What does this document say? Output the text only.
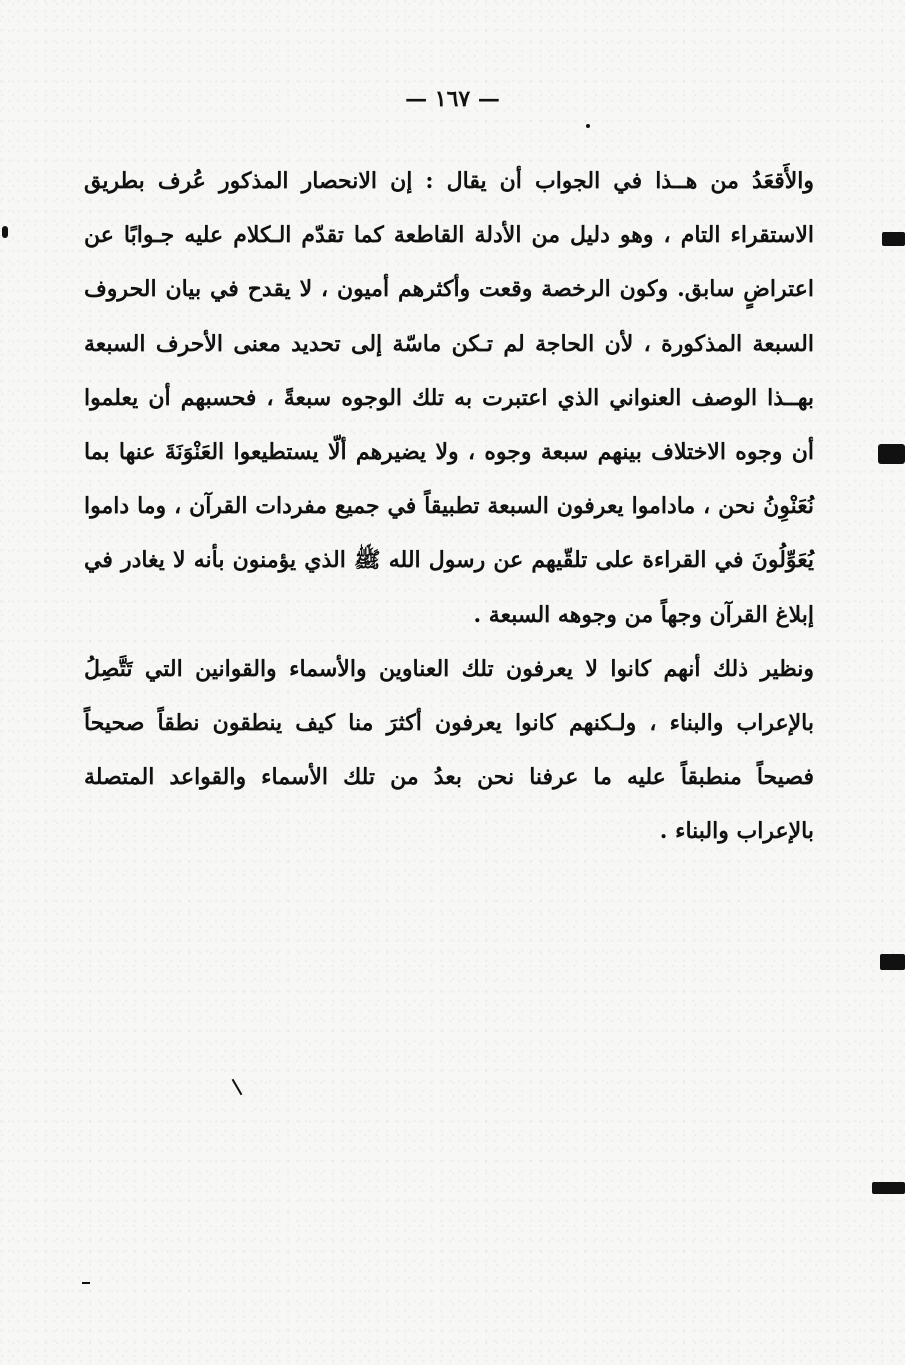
— ١٦٧ —

والأَقعَدُ من هــذا في الجواب أن يقال : إن الانحصار المذكور عُرف بطريق الاستقراء التام ، وهو دليل من الأدلة القاطعة كما تقدّم الـكلام عليه جـوابًا عن اعتراضٍ سابق. وكون الرخصة وقعت وأكثرهم أميون ، لا يقدح في بيان الحروف السبعة المذكورة ، لأن الحاجة لم تـكن ماسّة إلى تحديد معنى الأحرف السبعة بهــذا الوصف العنواني الذي اعتبرت به تلك الوجوه سبعةً ، فحسبهم أن يعلموا أن وجوه الاختلاف بينهم سبعة وجوه ، ولا يضيرهم ألّا يستطيعوا العَنْوَنَةَ عنها بما نُعَنْوِنُ نحن ، ماداموا يعرفون السبعة تطبيقاً في جميع مفردات القرآن ، وما داموا يُعَوِّلُونَ في القراءة على تلقّيهم عن رسول الله ﷺ الذي يؤمنون بأنه لا يغادر في إبلاغ القرآن وجهاً من وجوهه السبعة .

ونظير ذلك أنهم كانوا لا يعرفون تلك العناوين والأسماء والقوانين التي تَتَّصِلُ بالإعراب والبناء ، ولـكنهم كانوا يعرفون أكثرَ منا كيف ينطقون نطقاً صحيحاً فصيحاً منطبقاً عليه ما عرفنا نحن بعدُ من تلك الأسماء والقواعد المتصلة بالإعراب والبناء .
